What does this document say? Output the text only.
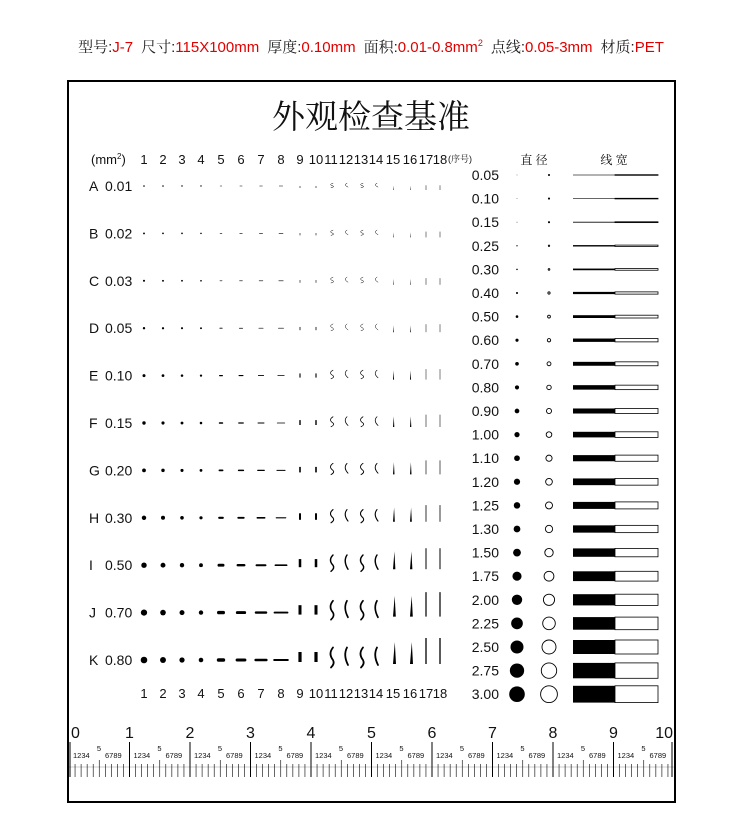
型号:J-7 尺寸:115X100mm 厚度:0.10mm 面积$:0.01-0.8mm^2$ 点线:0.05-3mm 材质:PET
外观检查基准
$(mm^2)$ 1
1
2
2
3
3
4
4
5
5
6
6
7
7
8
8
9
9
10
10
11
11
12
12
13
13
14
14
15
15
16
16
17
17
18
18
(序号)	直 径	线 宽
A 0.01
B 0.02
C 0.03
D 0.05
E 0.10
F 0.15
G 0.20
H 0.30
I 0.50
J 0.70
K 0.80
0.05
0.10
0.15
0.25
0.30
0.40
0.50
0.60
0.70
0.80
0.90
1.00
1.10
1.20
1.25
1.30
1.50
1.75
2.00
2.25
2.50
2.75
3.00
0
1234
5
6789
1
1234
5
6789
2
1234
5
6789
3
1234
5
6789
4
1234
5
6789
5
1234
5
6789
6
1234
5
6789
7
1234
5
6789
8
1234
5
6789
9
1234
5
6789
10
